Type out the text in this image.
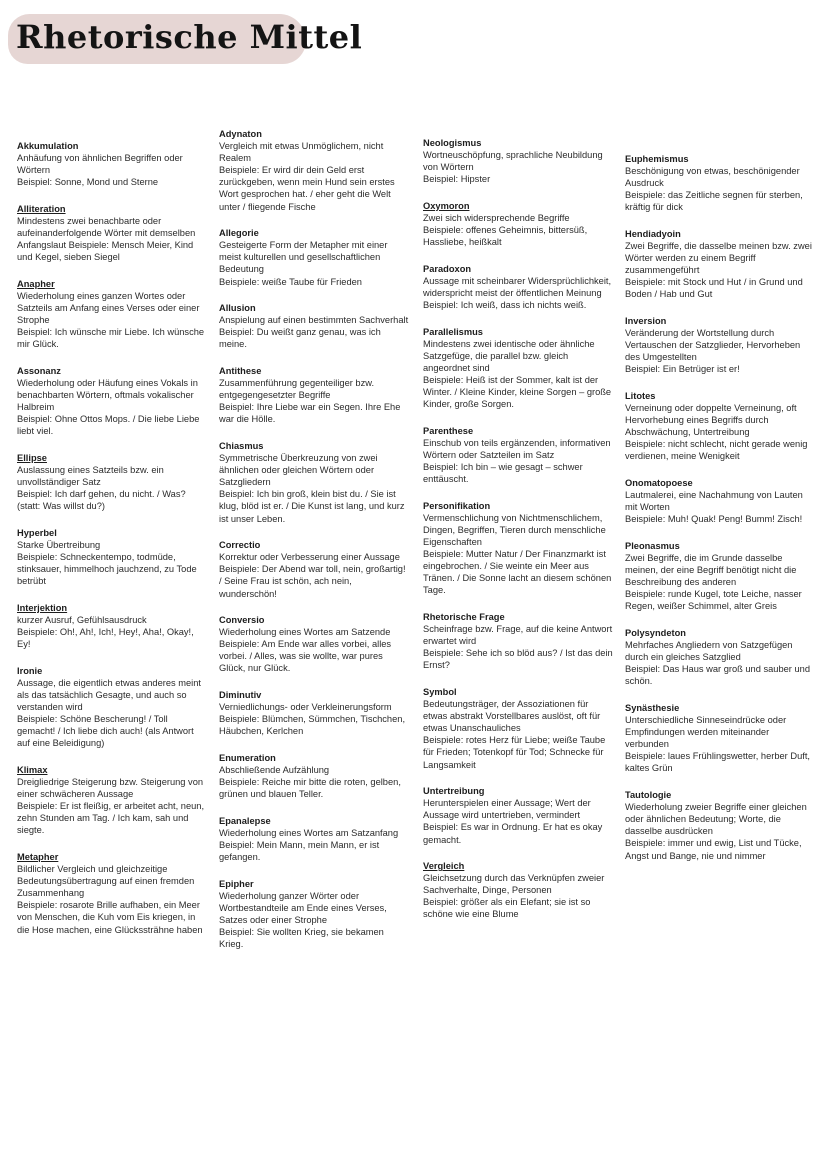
Rhetorische Mittel
Akkumulation
Anhäufung von ähnlichen Begriffen oder Wörtern
Beispiel: Sonne, Mond und Sterne
Alliteration
Mindestens zwei benachbarte oder aufeinanderfolgende Wörter mit demselben Anfangslaut Beispiele: Mensch Meier, Kind und Kegel, sieben Siegel
Anapher
Wiederholung eines ganzen Wortes oder Satzteils am Anfang eines Verses oder einer Strophe
Beispiel: Ich wünsche mir Liebe. Ich wünsche mir Glück.
Assonanz
Wiederholung oder Häufung eines Vokals in benachbarten Wörtern, oftmals vokalischer Halbreim
Beispiel: Ohne Ottos Mops. / Die liebe Liebe liebt viel.
Ellipse
Auslassung eines Satzteils bzw. ein unvollständiger Satz
Beispiel: Ich darf gehen, du nicht. / Was? (statt: Was willst du?)
Hyperbel
Starke Übertreibung
Beispiele: Schneckentempo, todmüde, stinksauer, himmelhoch jauchzend, zu Tode betrübt
Interjektion
kurzer Ausruf, Gefühlsausdruck
Beispiele: Oh!, Ah!, Ich!, Hey!, Aha!, Okay!, Ey!
Ironie
Aussage, die eigentlich etwas anderes meint als das tatsächlich Gesagte, und auch so verstanden wird
Beispiele: Schöne Bescherung! / Toll gemacht! / Ich liebe dich auch! (als Antwort auf eine Beleidigung)
Klimax
Dreigliedrige Steigerung bzw. Steigerung von einer schwächeren Aussage
Beispiele: Er ist fleißig, er arbeitet acht, neun, zehn Stunden am Tag. / Ich kam, sah und siegte.
Metapher
Bildlicher Vergleich und gleichzeitige Bedeutungsübertragung auf einen fremden Zusammenhang
Beispiele: rosarote Brille aufhaben, ein Meer von Menschen, die Kuh vom Eis kriegen, in die Hose machen, eine Glückssträhne haben
Adynaton
Vergleich mit etwas Unmöglichem, nicht Realem
Beispiele: Er wird dir dein Geld erst zurückgeben, wenn mein Hund sein erstes Wort gesprochen hat. / eher geht die Welt unter / fliegende Fische
Allegorie
Gesteigerte Form der Metapher mit einer meist kulturellen und gesellschaftlichen Bedeutung
Beispiele: weiße Taube für Frieden
Allusion
Anspielung auf einen bestimmten Sachverhalt
Beispiel: Du weißt ganz genau, was ich meine.
Antithese
Zusammenführung gegenteiliger bzw. entgegengesetzter Begriffe
Beispiel: Ihre Liebe war ein Segen. Ihre Ehe war die Hölle.
Chiasmus
Symmetrische Überkreuzung von zwei ähnlichen oder gleichen Wörtern oder Satzgliedern
Beispiel: Ich bin groß, klein bist du. / Sie ist klug, blöd ist er. / Die Kunst ist lang, und kurz ist unser Leben.
Correctio
Korrektur oder Verbesserung einer Aussage
Beispiele: Der Abend war toll, nein, großartig! / Seine Frau ist schön, ach nein, wunderschön!
Conversio
Wiederholung eines Wortes am Satzende
Beispiele: Am Ende war alles vorbei, alles vorbei. / Alles, was sie wollte, war pures Glück, nur Glück.
Diminutiv
Verniedlichungs- oder Verkleinerungsform
Beispiele: Blümchen, Sümmchen, Tischchen, Häubchen, Kerlchen
Enumeration
Abschließende Aufzählung
Beispiele: Reiche mir bitte die roten, gelben, grünen und blauen Teller.
Epanalepse
Wiederholung eines Wortes am Satzanfang
Beispiel: Mein Mann, mein Mann, er ist gefangen.
Epipher
Wiederholung ganzer Wörter oder Wortbestandteile am Ende eines Verses, Satzes oder einer Strophe
Beispiel: Sie wollten Krieg, sie bekamen Krieg.
Neologismus
Wortneuschöpfung, sprachliche Neubildung von Wörtern
Beispiel: Hipster
Oxymoron
Zwei sich widersprechende Begriffe
Beispiele: offenes Geheimnis, bittersüß, Hassliebe, heißkalt
Paradoxon
Aussage mit scheinbarer Widersprüchlichkeit, widerspricht meist der öffentlichen Meinung
Beispiel: Ich weiß, dass ich nichts weiß.
Parallelismus
Mindestens zwei identische oder ähnliche Satzgefüge, die parallel bzw. gleich angeordnet sind
Beispiele: Heiß ist der Sommer, kalt ist der Winter. / Kleine Kinder, kleine Sorgen – große Kinder, große Sorgen.
Parenthese
Einschub von teils ergänzenden, informativen Wörtern oder Satzteilen im Satz
Beispiel: Ich bin – wie gesagt – schwer enttäuscht.
Personifikation
Vermenschlichung von Nichtmenschlichem, Dingen, Begriffen, Tieren durch menschliche Eigenschaften
Beispiele: Mutter Natur / Der Finanzmarkt ist eingebrochen. / Sie weinte ein Meer aus Tränen. / Die Sonne lacht an diesem schönen Tage.
Rhetorische Frage
Scheinfrage bzw. Frage, auf die keine Antwort erwartet wird
Beispiele: Sehe ich so blöd aus? / Ist das dein Ernst?
Symbol
Bedeutungsträger, der Assoziationen für etwas abstrakt Vorstellbares auslöst, oft für etwas Unanschauliches
Beispiele: rotes Herz für Liebe; weiße Taube für Frieden; Totenkopf für Tod; Schnecke für Langsamkeit
Untertreibung
Herunterspielen einer Aussage; Wert der Aussage wird untertrieben, vermindert
Beispiel: Es war in Ordnung. Er hat es okay gemacht.
Vergleich
Gleichsetzung durch das Verknüpfen zweier Sachverhalte, Dinge, Personen
Beispiel: größer als ein Elefant; sie ist so schöne wie eine Blume
Euphemismus
Beschönigung von etwas, beschönigender Ausdruck
Beispiele: das Zeitliche segnen für sterben, kräftig für dick
Hendiadyoin
Zwei Begriffe, die dasselbe meinen bzw. zwei Wörter werden zu einem Begriff zusammengeführt
Beispiele: mit Stock und Hut / in Grund und Boden / Hab und Gut
Inversion
Veränderung der Wortstellung durch Vertauschen der Satzglieder, Hervorheben des Umgestellten
Beispiel: Ein Betrüger ist er!
Litotes
Verneinung oder doppelte Verneinung, oft Hervorhebung eines Begriffs durch Abschwächung, Untertreibung
Beispiele: nicht schlecht, nicht gerade wenig verdienen, meine Wenigkeit
Onomatopoese
Lautmalerei, eine Nachahmung von Lauten mit Worten
Beispiele: Muh! Quak! Peng! Bumm! Zisch!
Pleonasmus
Zwei Begriffe, die im Grunde dasselbe meinen, der eine Begriff benötigt nicht die Beschreibung des anderen
Beispiele: runde Kugel, tote Leiche, nasser Regen, weißer Schimmel, alter Greis
Polysyndeton
Mehrfaches Angliedern von Satzgefügen durch ein gleiches Satzglied
Beispiel: Das Haus war groß und sauber und schön.
Synästhesie
Unterschiedliche Sinneseindrücke oder Empfindungen werden miteinander verbunden
Beispiele: laues Frühlingswetter, herber Duft, kaltes Grün
Tautologie
Wiederholung zweier Begriffe einer gleichen oder ähnlichen Bedeutung; Worte, die dasselbe ausdrücken
Beispiele: immer und ewig, List und Tücke, Angst und Bange, nie und nimmer
